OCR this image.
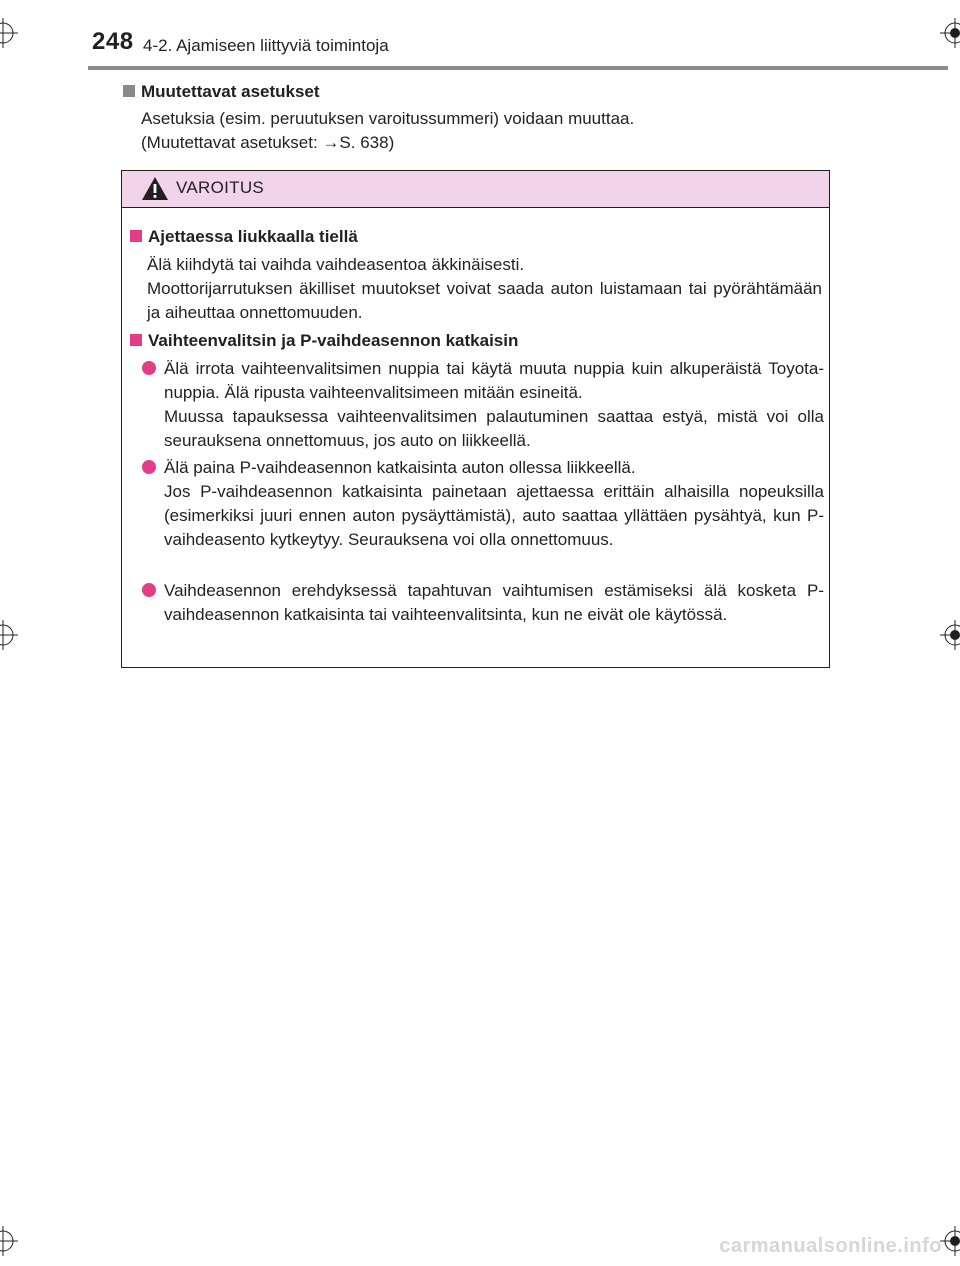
248 4-2. Ajamiseen liittyviä toimintoja
Muutettavat asetukset
Asetuksia (esim. peruutuksen varoitussummeri) voidaan muuttaa.
(Muutettavat asetukset: →S. 638)
VAROITUS
Ajettaessa liukkaalla tiellä
Älä kiihdytä tai vaihda vaihdeasentoa äkkinäisesti.
Moottorijarrutuksen äkilliset muutokset voivat saada auton luistamaan tai pyörähtämään ja aiheuttaa onnettomuuden.
Vaihteenvalitsin ja P-vaihdeasennon katkaisin

Älä irrota vaihteenvalitsimen nuppia tai käytä muuta nuppia kuin alkuperäistä Toyota-nuppia. Älä ripusta vaihteenvalitsimeen mitään esineitä.

Muussa tapauksessa vaihteenvalitsimen palautuminen saattaa estyä, mistä voi olla seurauksena onnettomuus, jos auto on liikkeellä.

Älä paina P-vaihdeasennon katkaisinta auton ollessa liikkeellä.

Jos P-vaihdeasennon katkaisinta painetaan ajettaessa erittäin alhaisilla nopeuksilla (esimerkiksi juuri ennen auton pysäyttämistä), auto saattaa yllättäen pysähtyä, kun P-vaihdeasento kytkeytyy. Seurauksena voi olla onnettomuus.

Vaihdeasennon erehdyksessä tapahtuvan vaihtumisen estämiseksi älä kosketa P-vaihdeasennon katkaisinta tai vaihteenvalitsinta, kun ne eivät ole käytössä.

carmanualsonline.info
